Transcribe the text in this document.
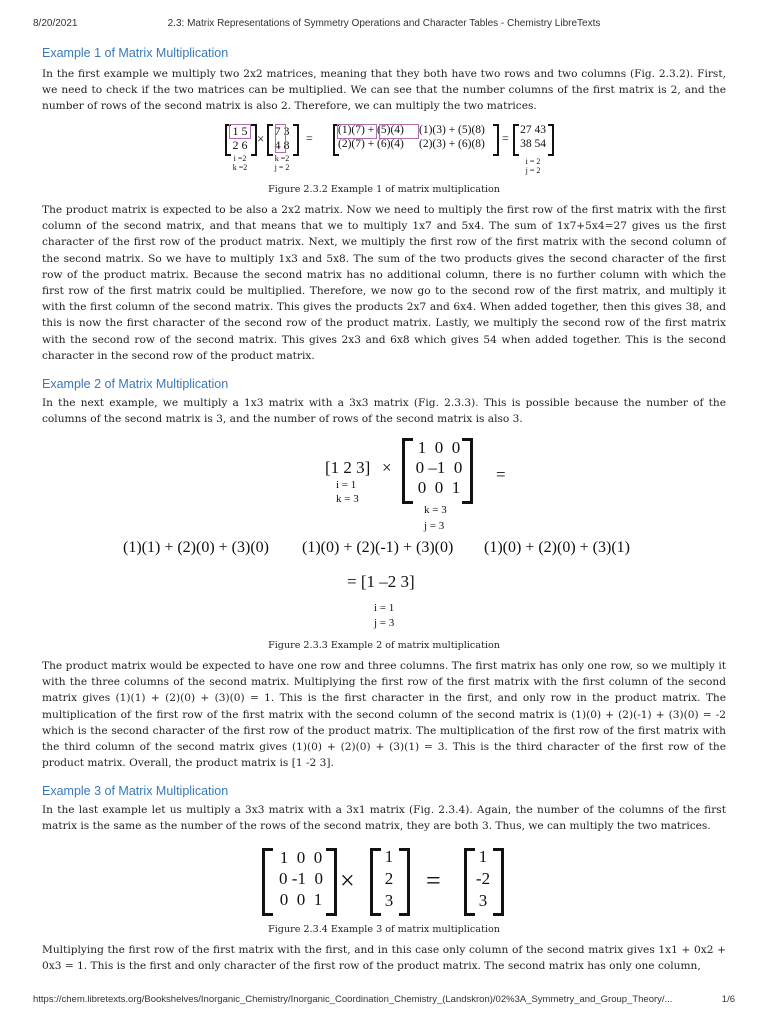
8/20/2021	2.3: Matrix Representations of Symmetry Operations and Character Tables - Chemistry LibreTexts
Example 1 of Matrix Multiplication

In the first example we multiply two 2x2 matrices, meaning that they both have two rows and two columns (Fig. 2.3.2). First, we need to check if the two matrices can be multiplied. We can see that the number columns of the first matrix is 2, and the number of rows of the second matrix is also 2. Therefore, we can multiply the two matrices.

1 5
2 6
i =2
k =2
× 7 3
4 8
k =2
j = 2
=
(1)(7) + (5)(4) (1)(3) + (5)(8)
(2)(7) + (6)(4) (2)(3) + (6)(8) =
27 43
38 54
i = 2
j = 2
Figure 2.3.2 Example 1 of matrix multiplication

The product matrix is expected to be also a 2x2 matrix. Now we need to multiply the first row of the first matrix with the first column of the second matrix, and that means that we to multiply 1x7 and 5x4. The sum of 1x7+5x4=27 gives us the first character of the first row of the product matrix. Next, we multiply the first row of the first matrix with the second column of the second matrix. So we have to multiply 1x3 and 5x8. The sum of the two products gives the second character of the first row of the product matrix. Because the second matrix has no additional column, there is no further column with which the first row of the first matrix could be multiplied. Therefore, we now go to the second row of the first matrix, and multiply it with the first column of the second matrix. This gives the products 2x7 and 6x4. When added together, then this gives 38, and this is now the first character of the second row of the product matrix. Lastly, we multiply the second row of the first matrix with the second row of the second matrix. This gives 2x3 and 6x8 which gives 54 when added together. This is the second character in the second row of the product matrix.

Example 2 of Matrix Multiplication

In the next example, we multiply a 1x3 matrix with a 3x3 matrix (Fig. 2.3.3). This is possible because the number of the columns of the second matrix is 3, and the number of rows of the second matrix is also 3.

[1 2 3] ×
i = 1
k = 3
1  0  0
0 –1  0
0  0  1
k = 3
j = 3
=
(1)(1) + (2)(0) + (3)(0) (1)(0) + (2)(-1) + (3)(0) (1)(0) + (2)(0) + (3)(1)
= [1 –2 3]
i = 1
j = 3
Figure 2.3.3 Example 2 of matrix multiplication

The product matrix would be expected to have one row and three columns. The first matrix has only one row, so we multiply it with the three columns of the second matrix. Multiplying the first row of the first matrix with the first column of the second matrix gives (1)(1) + (2)(0) + (3)(0) = 1. This is the first character in the first, and only row in the product matrix. The multiplication of the first row of the first matrix with the second column of the second matrix is (1)(0) + (2)(-1) + (3)(0) = -2 which is the second character of the first row of the product matrix. The multiplication of the first row of the first matrix with the third column of the second matrix gives (1)(0) + (2)(0) + (3)(1) = 3. This is the third character of the first row of the product matrix. Overall, the product matrix is [1 -2 3].

Example 3 of Matrix Multiplication

In the last example let us multiply a 3x3 matrix with a 3x1 matrix (Fig. 2.3.4). Again, the number of the columns of the first matrix is the same as the number of the rows of the second matrix, they are both 3. Thus, we can multiply the two matrices.

1  0  0
0 -1  0
0  0  1
×
1
2
3
=
1
-2
3
Figure 2.3.4 Example 3 of matrix multiplication

Multiplying the first row of the first matrix with the first, and in this case only column of the second matrix gives 1x1 + 0x2 + 0x3 = 1. This is the first and only character of the first row of the product matrix. The second matrix has only one column,

https://chem.libretexts.org/Bookshelves/Inorganic_Chemistry/Inorganic_Coordination_Chemistry_(Landskron)/02%3A_Symmetry_and_Group_Theory/...	1/6
